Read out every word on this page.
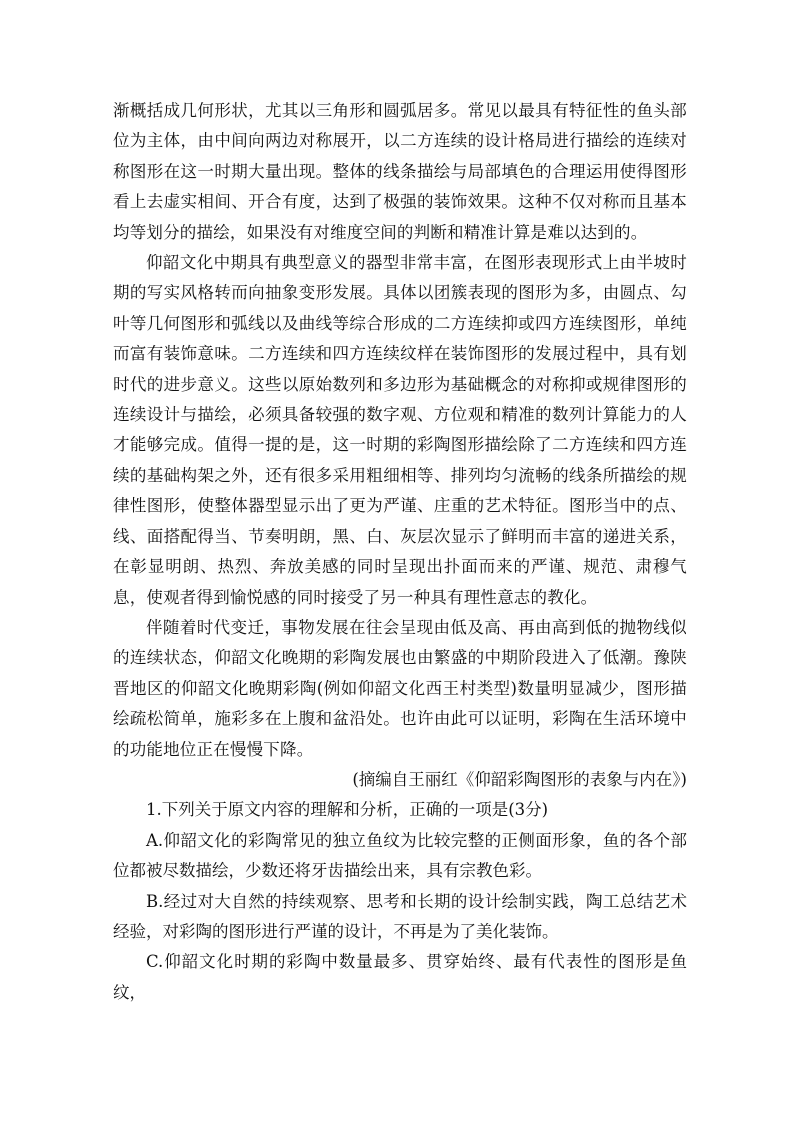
渐概括成几何形状，尤其以三角形和圆弧居多。常见以最具有特征性的鱼头部位为主体，由中间向两边对称展开，以二方连续的设计格局进行描绘的连续对称图形在这一时期大量出现。整体的线条描绘与局部填色的合理运用使得图形看上去虚实相间、开合有度，达到了极强的装饰效果。这种不仅对称而且基本均等划分的描绘，如果没有对维度空间的判断和精准计算是难以达到的。

仰韶文化中期具有典型意义的器型非常丰富，在图形表现形式上由半坡时期的写实风格转而向抽象变形发展。具体以团簇表现的图形为多，由圆点、勾叶等几何图形和弧线以及曲线等综合形成的二方连续抑或四方连续图形，单纯而富有装饰意味。二方连续和四方连续纹样在装饰图形的发展过程中，具有划时代的进步意义。这些以原始数列和多边形为基础概念的对称抑或规律图形的连续设计与描绘，必须具备较强的数字观、方位观和精准的数列计算能力的人才能够完成。值得一提的是，这一时期的彩陶图形描绘除了二方连续和四方连续的基础构架之外，还有很多采用粗细相等、排列均匀流畅的线条所描绘的规律性图形，使整体器型显示出了更为严谨、庄重的艺术特征。图形当中的点、线、面搭配得当、节奏明朗，黑、白、灰层次显示了鲜明而丰富的递进关系，在彰显明朗、热烈、奔放美感的同时呈现出扑面而来的严谨、规范、肃穆气息，使观者得到愉悦感的同时接受了另一种具有理性意志的教化。

伴随着时代变迁，事物发展在往会呈现由低及高、再由高到低的抛物线似的连续状态，仰韶文化晚期的彩陶发展也由繁盛的中期阶段进入了低潮。豫陕晋地区的仰韶文化晚期彩陶(例如仰韶文化西王村类型)数量明显减少，图形描绘疏松简单，施彩多在上腹和盆沿处。也许由此可以证明，彩陶在生活环境中的功能地位正在慢慢下降。

(摘编自王丽红《仰韶彩陶图形的表象与内在》)

1.下列关于原文内容的理解和分析，正确的一项是(3分)

A.仰韶文化的彩陶常见的独立鱼纹为比较完整的正侧面形象，鱼的各个部位都被尽数描绘，少数还将牙齿描绘出来，具有宗教色彩。

B.经过对大自然的持续观察、思考和长期的设计绘制实践，陶工总结艺术经验，对彩陶的图形进行严谨的设计，不再是为了美化装饰。

C.仰韶文化时期的彩陶中数量最多、贯穿始终、最有代表性的图形是鱼纹，
